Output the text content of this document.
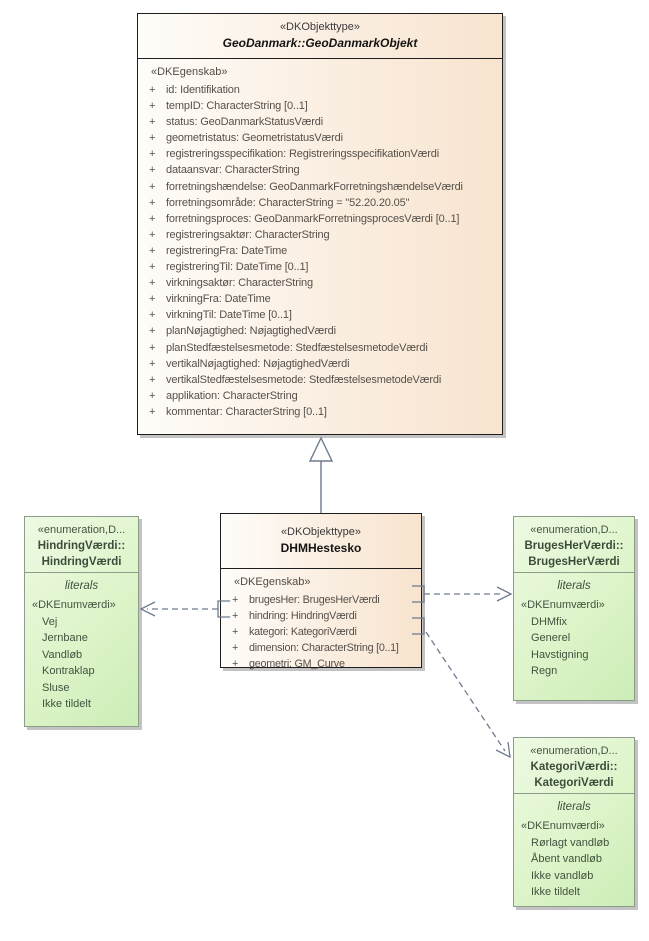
«DKObjekttype»
GeoDanmark::GeoDanmarkObjekt
«DKEgenskab»
+ id: Identifikation
+ tempID: CharacterString [0..1]
+ status: GeoDanmarkStatusVærdi
+ geometristatus: GeometristatusVærdi
+ registreringsspecifikation: RegistreringsspecifikationVærdi
+ dataansvar: CharacterString
+ forretningshændelse: GeoDanmarkForretningshændelseVærdi
+ forretningsområde: CharacterString = "52.20.20.05"
+ forretningsproces: GeoDanmarkForretningsprocesVærdi [0..1]
+ registreringsaktør: CharacterString
+ registreringFra: DateTime
+ registreringTil: DateTime [0..1]
+ virkningsaktør: CharacterString
+ virkningFra: DateTime
+ virkningTil: DateTime [0..1]
+ planNøjagtighed: NøjagtighedVærdi
+ planStedfæstelsesmetode: StedfæstelsesmetodeVærdi
+ vertikalNøjagtighed: NøjagtighedVærdi
+ vertikalStedfæstelsesmetode: StedfæstelsesmetodeVærdi
+ applikation: CharacterString
+ kommentar: CharacterString [0..1]
«DKObjekttype»
DHMHestesko
«DKEgenskab»
+ brugesHer: BrugesHerVærdi
+ hindring: HindringVærdi
+ kategori: KategoriVærdi
+ dimension: CharacterString [0..1]
+ geometri: GM_Curve
«enumeration,D...
HindringVærdi::
HindringVærdi
literals
«DKEnumværdi»
Vej
Jernbane
Vandløb
Kontraklap
Sluse
Ikke tildelt
«enumeration,D...
BrugesHerVærdi::
BrugesHerVærdi
literals
«DKEnumværdi»
DHMfix
Generel
Havstigning
Regn
«enumeration,D...
KategoriVærdi::
KategoriVærdi
literals
«DKEnumværdi»
Rørlagt vandløb
Åbent vandløb
Ikke vandløb
Ikke tildelt
